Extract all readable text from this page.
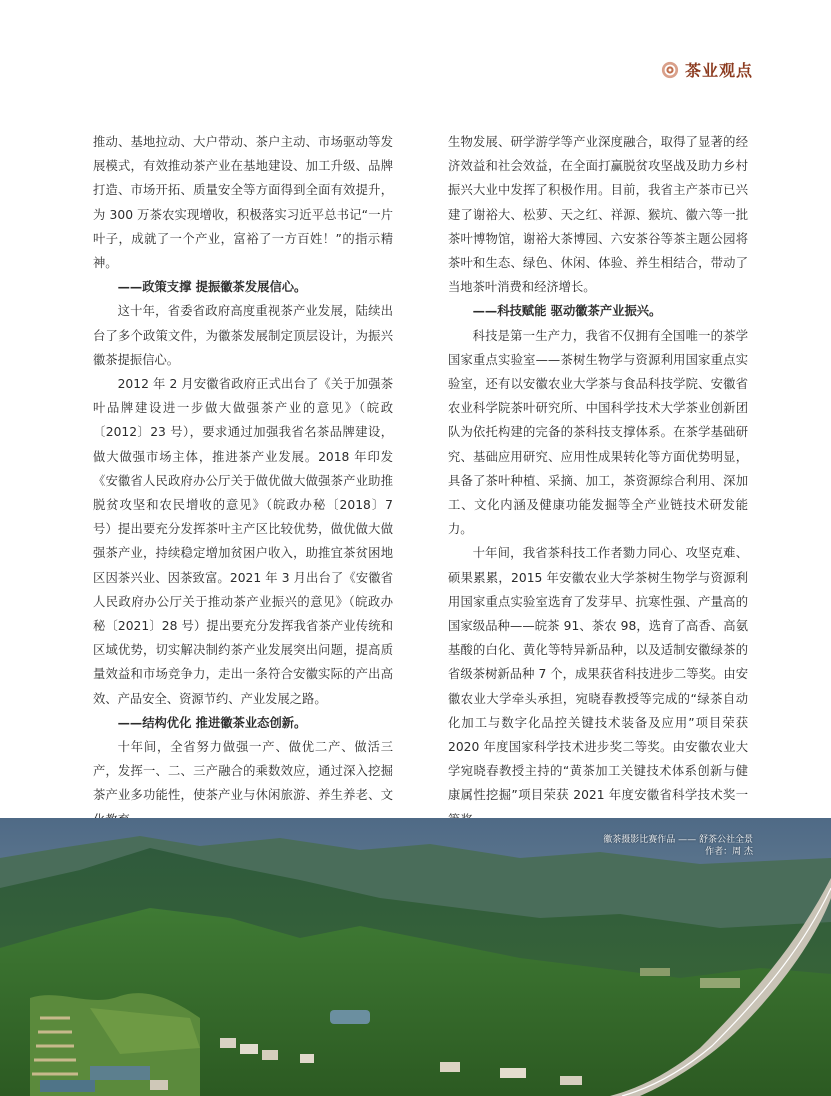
茶业观点

推动、基地拉动、大户带动、茶户主动、市场驱动等发展模式，有效推动茶产业在基地建设、加工升级、品牌打造、市场开拓、质量安全等方面得到全面有效提升，为 300 万茶农实现增收，积极落实习近平总书记“一片叶子，成就了一个产业，富裕了一方百姓！”的指示精神。

——政策支撑 提振徽茶发展信心。

这十年，省委省政府高度重视茶产业发展，陆续出台了多个政策文件，为徽茶发展制定顶层设计，为振兴徽茶提振信心。

2012 年 2 月安徽省政府正式出台了《关于加强茶叶品牌建设进一步做大做强茶产业的意见》（皖政〔2012〕23 号），要求通过加强我省名茶品牌建设，做大做强市场主体，推进茶产业发展。2018 年印发《安徽省人民政府办公厅关于做优做大做强茶产业助推脱贫攻坚和农民增收的意见》（皖政办秘〔2018〕7 号）提出要充分发挥茶叶主产区比较优势，做优做大做强茶产业，持续稳定增加贫困户收入，助推宜茶贫困地区因茶兴业、因茶致富。2021 年 3 月出台了《安徽省人民政府办公厅关于推动茶产业振兴的意见》（皖政办秘〔2021〕28 号）提出要充分发挥我省茶产业传统和区域优势，切实解决制约茶产业发展突出问题，提高质量效益和市场竞争力，走出一条符合安徽实际的产出高效、产品安全、资源节约、产业发展之路。

——结构优化 推进徽茶业态创新。

十年间，全省努力做强一产、做优二产、做活三产，发挥一、二、三产融合的乘数效应，通过深入挖掘茶产业多功能性，使茶产业与休闲旅游、养生养老、文

生物发展、研学游学等产业深度融合，取得了显著的经济效益和社会效益，在全面打赢脱贫攻坚战及助力乡村振兴大业中发挥了积极作用。目前，我省主产茶市已兴建了谢裕大、松萝、天之红、祥源、猴坑、徽六等一批茶叶博物馆，谢裕大茶博园、六安茶谷等茶主题公园将茶叶和生态、绿色、休闲、体验、养生相结合，带动了当地茶叶消费和经济增长。

——科技赋能 驱动徽茶产业振兴。

科技是第一生产力，我省不仅拥有全国唯一的茶学国家重点实验室——茶树生物学与资源利用国家重点实验室，还有以安徽农业大学茶与食品科技学院、安徽省农业科学院茶叶研究所、中国科学技术大学茶业创新团队为依托构建的完备的茶科技支撑体系。在茶学基础研究、基础应用研究、应用性成果转化等方面优势明显，具备了茶叶种植、采摘、加工，茶资源综合利用、深加工、文化内涵及健康功能发掘等全产业链技术研发能力。

十年间，我省茶科技工作者勠力同心、攻坚克难、硕果累累，2015 年安徽农业大学茶树生物学与资源利用国家重点实验室选育了发芽早、抗寒性强、产量高的国家级品种——皖茶 91、茶农 98，选育了高香、高氨基酸的白化、黄化等特异新品种，以及适制安徽绿茶的省级茶树新品种 7 个，成果获省科技进步二等奖。由安徽农业大学牵头承担，宛晓春教授等完成的“绿茶自动化加工与数字化品控关键技术装备及应用”项目荣获 2020 年度国家科学技术进步奖二等奖。由安徽农业大学宛晓春教授主持的“黄茶加工关键技术体系创新与健康属性挖掘”项目荣获 2021 年度安徽省科学技术奖一

徽茶摄影比赛作品 —— 舒茶公社全景
作者：周 杰
